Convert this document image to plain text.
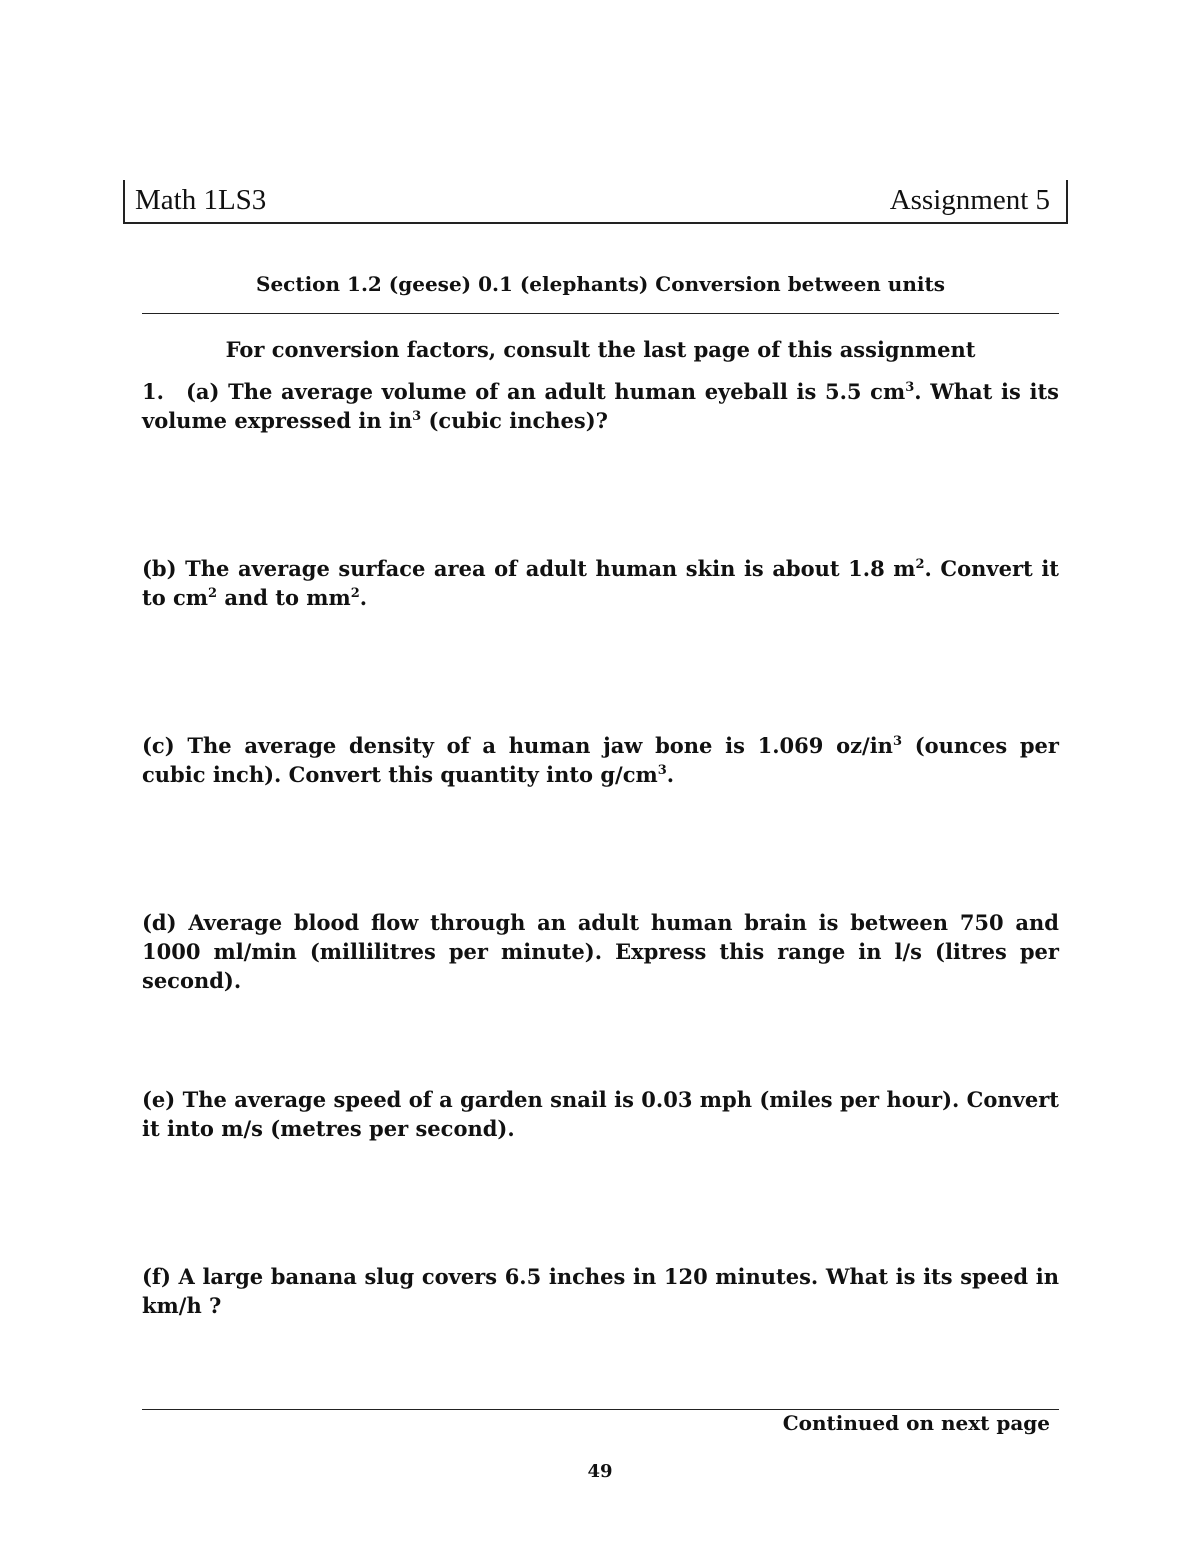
Math 1LS3	Assignment 5
Section 1.2 (geese) 0.1 (elephants) Conversion between units
For conversion factors, consult the last page of this assignment
1. (a) The average volume of an adult human eyeball is 5.5 $cm^3$. What is its volume expressed in $in^3$ (cubic inches)?
(b) The average surface area of adult human skin is about 1.8 $m^2$. Convert it to $cm^2$ and to $mm^2$.
(c) The average density of a human jaw bone is 1.069 $oz/in^3$ (ounces per cubic inch). Convert this quantity into $g/cm^3$.
(d) Average blood flow through an adult human brain is between 750 and 1000 ml/min (millilitres per minute). Express this range in l/s (litres per second).
(e) The average speed of a garden snail is 0.03 mph (miles per hour). Convert it into m/s (metres per second).
(f) A large banana slug covers 6.5 inches in 120 minutes. What is its speed in km/h ?
Continued on next page
49
